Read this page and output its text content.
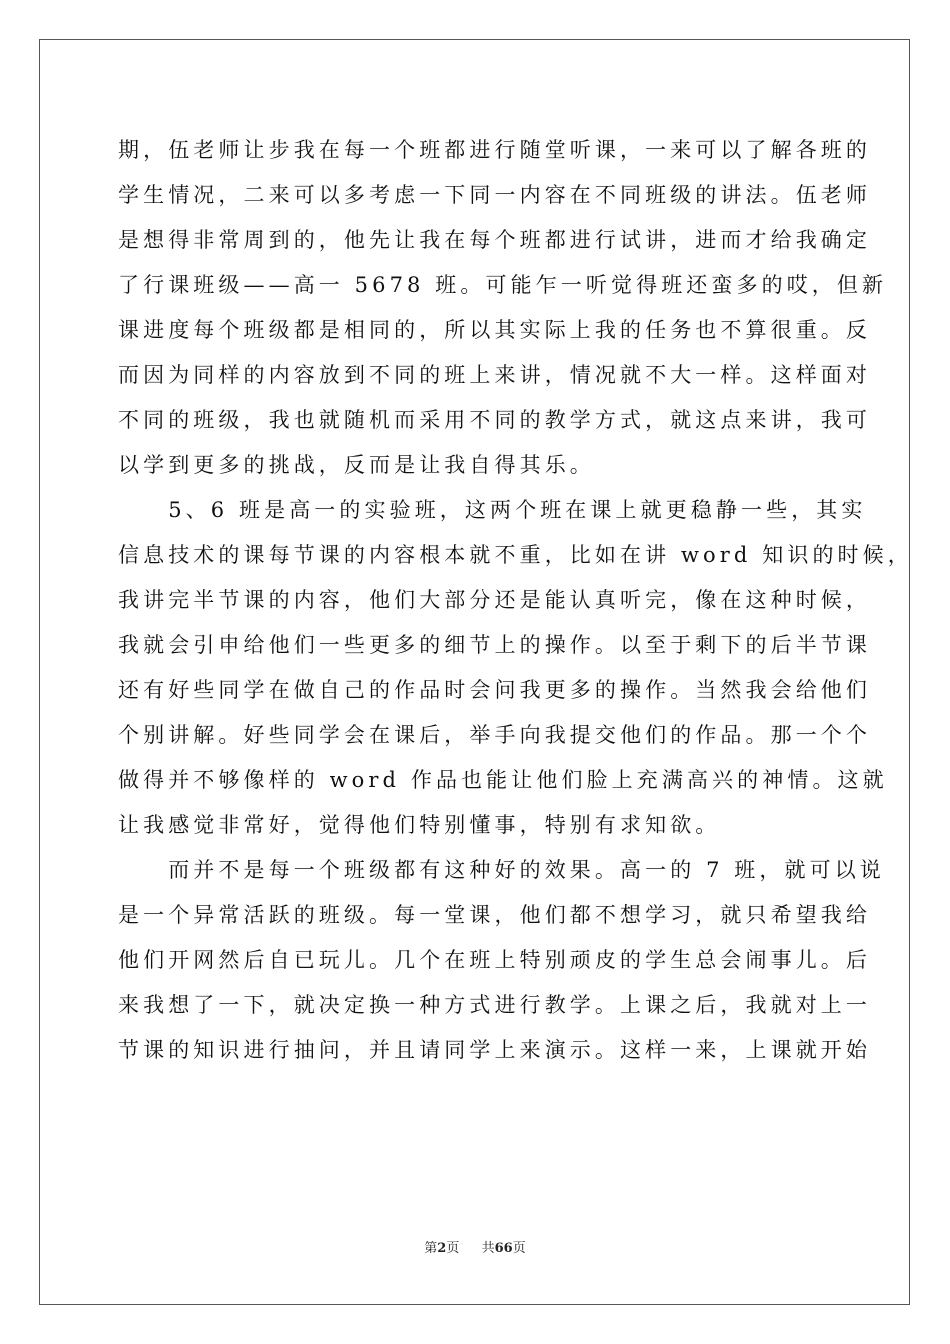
期，伍老师让步我在每一个班都进行随堂听课，一来可以了解各班的
学生情况，二来可以多考虑一下同一内容在不同班级的讲法。伍老师
是想得非常周到的，他先让我在每个班都进行试讲，进而才给我确定
了行课班级——高一 5678 班。可能乍一听觉得班还蛮多的哎，但新
课进度每个班级都是相同的，所以其实际上我的任务也不算很重。反
而因为同样的内容放到不同的班上来讲，情况就不大一样。这样面对
不同的班级，我也就随机而采用不同的教学方式，就这点来讲，我可
以学到更多的挑战，反而是让我自得其乐。
　　5、6 班是高一的实验班，这两个班在课上就更稳静一些，其实
信息技术的课每节课的内容根本就不重，比如在讲 word 知识的时候，
我讲完半节课的内容，他们大部分还是能认真听完，像在这种时候，
我就会引申给他们一些更多的细节上的操作。以至于剩下的后半节课
还有好些同学在做自己的作品时会问我更多的操作。当然我会给他们
个别讲解。好些同学会在课后，举手向我提交他们的作品。那一个个
做得并不够像样的 word 作品也能让他们脸上充满高兴的神情。这就
让我感觉非常好，觉得他们特别懂事，特别有求知欲。
　　而并不是每一个班级都有这种好的效果。高一的 7 班，就可以说
是一个异常活跃的班级。每一堂课，他们都不想学习，就只希望我给
他们开网然后自已玩儿。几个在班上特别顽皮的学生总会闹事儿。后
来我想了一下，就决定换一种方式进行教学。上课之后，我就对上一
节课的知识进行抽问，并且请同学上来演示。这样一来，上课就开始
第2页 共66页
